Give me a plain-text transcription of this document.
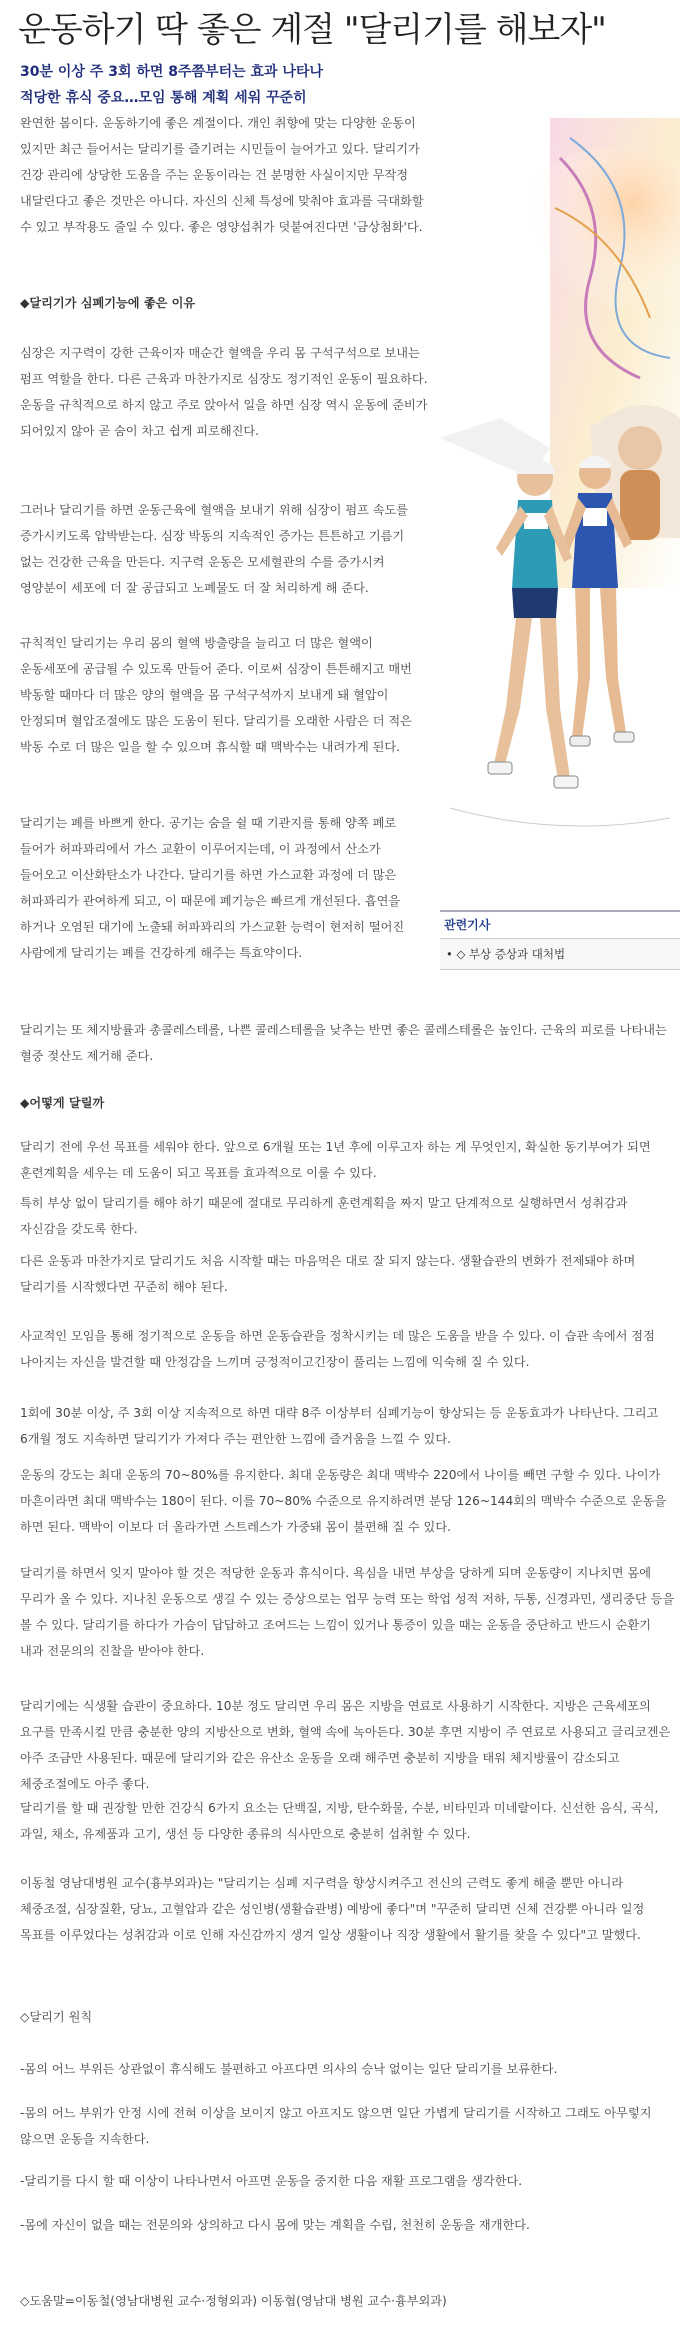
운동하기 딱 좋은 계절 "달리기를 해보자"

30분 이상 주 3회 하면 8주쯤부터는 효과 나타나

적당한 휴식 중요…모임 통해 계획 세워 꾸준히

완연한 봄이다. 운동하기에 좋은 계절이다. 개인 취향에 맞는 다양한 운동이 있지만 최근 들어서는 달리기를 즐기려는 시민들이 늘어가고 있다. 달리기가 건강 관리에 상당한 도움을 주는 운동이라는 건 분명한 사실이지만 무작정 내달린다고 좋은 것만은 아니다. 자신의 신체 특성에 맞춰야 효과를 극대화할 수 있고 부작용도 줄일 수 있다. 좋은 영양섭취가 덧붙여진다면 '금상첨화'다.

◆달리기가 심폐기능에 좋은 이유

심장은 지구력이 강한 근육이자 매순간 혈액을 우리 몸 구석구석으로 보내는 펌프 역할을 한다. 다른 근육과 마찬가지로 심장도 정기적인 운동이 필요하다. 운동을 규칙적으로 하지 않고 주로 앉아서 일을 하면 심장 역시 운동에 준비가 되어있지 않아 곧 숨이 차고 쉽게 피로해진다.

그러나 달리기를 하면 운동근육에 혈액을 보내기 위해 심장이 펌프 속도를 증가시키도록 압박받는다. 심장 박동의 지속적인 증가는 튼튼하고 기름기 없는 건강한 근육을 만든다. 지구력 운동은 모세혈관의 수를 증가시켜 영양분이 세포에 더 잘 공급되고 노폐물도 더 잘 처리하게 해 준다.

규칙적인 달리기는 우리 몸의 혈액 방출량을 늘리고 더 많은 혈액이 운동세포에 공급될 수 있도록 만들어 준다. 이로써 심장이 튼튼해지고 매번 박동할 때마다 더 많은 양의 혈액을 몸 구석구석까지 보내게 돼 혈압이 안정되며 혈압조절에도 많은 도움이 된다. 달리기를 오래한 사람은 더 적은 박동 수로 더 많은 일을 할 수 있으며 휴식할 때 맥박수는 내려가게 된다.

달리기는 폐를 바쁘게 한다. 공기는 숨을 쉴 때 기관지를 통해 양쪽 폐로 들어가 허파꽈리에서 가스 교환이 이루어지는데, 이 과정에서 산소가 들어오고 이산화탄소가 나간다. 달리기를 하면 가스교환 과정에 더 많은 허파꽈리가 관여하게 되고, 이 때문에 폐기능은 빠르게 개선된다. 흡연을 하거나 오염된 대기에 노출돼 허파꽈리의 가스교환 능력이 현저히 떨어진 사람에게 달리기는 폐를 건강하게 해주는 특효약이다.

관련기사
• ◇ 부상 증상과 대처법

달리기는 또 체지방률과 총콜레스테롤, 나쁜 콜레스테롤을 낮추는 반면 좋은 콜레스테롤은 높인다. 근육의 피로를 나타내는 혈중 젖산도 제거해 준다.

◆어떻게 달릴까

달리기 전에 우선 목표를 세워야 한다. 앞으로 6개월 또는 1년 후에 이루고자 하는 게 무엇인지, 확실한 동기부여가 되면 훈련계획을 세우는 데 도움이 되고 목표를 효과적으로 이룰 수 있다.

특히 부상 없이 달리기를 해야 하기 때문에 절대로 무리하게 훈련계획을 짜지 말고 단계적으로 실행하면서 성취감과 자신감을 갖도록 한다.

다른 운동과 마찬가지로 달리기도 처음 시작할 때는 마음먹은 대로 잘 되지 않는다. 생활습관의 변화가 전제돼야 하며 달리기를 시작했다면 꾸준히 해야 된다.

사교적인 모임을 통해 정기적으로 운동을 하면 운동습관을 정착시키는 데 많은 도움을 받을 수 있다. 이 습관 속에서 점점 나아지는 자신을 발견할 때 안정감을 느끼며 긍정적이고긴장이 풀리는 느낌에 익숙해 질 수 있다.

1회에 30분 이상, 주 3회 이상 지속적으로 하면 대략 8주 이상부터 심폐기능이 향상되는 등 운동효과가 나타난다. 그리고 6개월 정도 지속하면 달리기가 가져다 주는 편안한 느낌에 즐거움을 느낄 수 있다.

운동의 강도는 최대 운동의 70~80%를 유지한다. 최대 운동량은 최대 맥박수 220에서 나이를 빼면 구할 수 있다. 나이가 마흔이라면 최대 맥박수는 180이 된다. 이를 70~80% 수준으로 유지하려면 분당 126~144회의 맥박수 수준으로 운동을 하면 된다. 맥박이 이보다 더 올라가면 스트레스가 가중돼 몸이 불편해 질 수 있다.

달리기를 하면서 잊지 말아야 할 것은 적당한 운동과 휴식이다. 욕심을 내면 부상을 당하게 되며 운동량이 지나치면 몸에 무리가 올 수 있다. 지나친 운동으로 생길 수 있는 증상으로는 업무 능력 또는 학업 성적 저하, 두통, 신경과민, 생리중단 등을 볼 수 있다. 달리기를 하다가 가슴이 답답하고 조여드는 느낌이 있거나 통증이 있을 때는 운동을 중단하고 반드시 순환기 내과 전문의의 진찰을 받아야 한다.

달리기에는 식생활 습관이 중요하다. 10분 정도 달리면 우리 몸은 지방을 연료로 사용하기 시작한다. 지방은 근육세포의 요구를 만족시킬 만큼 충분한 양의 지방산으로 변화, 혈액 속에 녹아든다. 30분 후면 지방이 주 연료로 사용되고 글리코겐은 아주 조금만 사용된다. 때문에 달리기와 같은 유산소 운동을 오래 해주면 충분히 지방을 태워 체지방률이 감소되고 체중조절에도 아주 좋다.

달리기를 할 때 권장할 만한 건강식 6가지 요소는 단백질, 지방, 탄수화물, 수분, 비타민과 미네랄이다. 신선한 음식, 곡식, 과일, 채소, 유제품과 고기, 생선 등 다양한 종류의 식사만으로 충분히 섭취할 수 있다.

이동철 영남대병원 교수(흉부외과)는 "달리기는 심폐 지구력을 향상시켜주고 전신의 근력도 좋게 해줄 뿐만 아니라 체중조절, 심장질환, 당뇨, 고혈압과 같은 성인병(생활습관병) 예방에 좋다"며 "꾸준히 달리면 신체 건강뿐 아니라 일정 목표를 이루었다는 성취감과 이로 인해 자신감까지 생겨 일상 생활이나 직장 생활에서 활기를 찾을 수 있다"고 말했다.

◇달리기 원칙

-몸의 어느 부위든 상관없이 휴식해도 불편하고 아프다면 의사의 승낙 없이는 일단 달리기를 보류한다.

-몸의 어느 부위가 안정 시에 전혀 이상을 보이지 않고 아프지도 않으면 일단 가볍게 달리기를 시작하고 그래도 아무렇지 않으면 운동을 지속한다.

-달리기를 다시 할 때 이상이 나타나면서 아프면 운동을 중지한 다음 재활 프로그램을 생각한다.

-몸에 자신이 없을 때는 전문의와 상의하고 다시 몸에 맞는 계획을 수립, 천천히 운동을 재개한다.

◇도움말=이동철(영남대병원 교수·정형외과) 이동협(영남대 병원 교수·흉부외과)
